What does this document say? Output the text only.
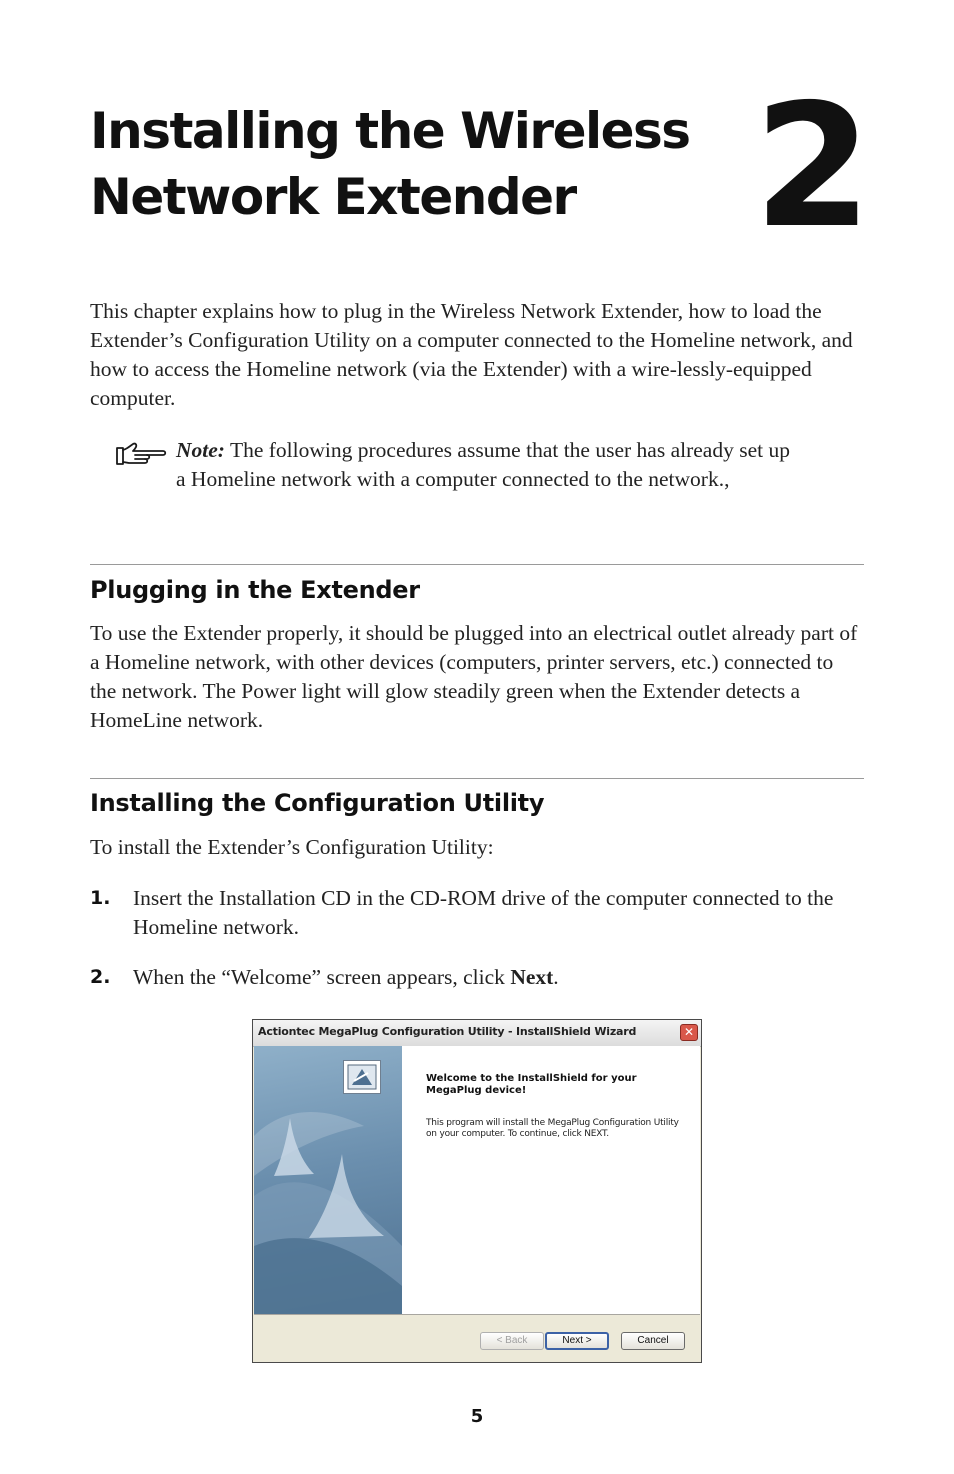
Installing the Wireless
Network Extender	2

This chapter explains how to plug in the Wireless Network Extender, how to load the Extender’s Configuration Utility on a computer connected to the Homeline network, and how to access the Homeline network (via the Extender) with a wire-lessly-equipped computer.

Note: The following procedures assume that the user has already set up a Homeline network with a computer connected to the network.,

Plugging in the Extender

To use the Extender properly, it should be plugged into an electrical outlet already part of a Homeline network, with other devices (computers, printer servers, etc.) connected to the network. The Power light will glow steadily green when the Extender detects a HomeLine network.

Installing the Configuration Utility

To install the Extender’s Configuration Utility:

1. Insert the Installation CD in the CD-ROM drive of the computer connected to the Homeline network.

2. When the “Welcome” screen appears, click Next.

Actiontec MegaPlug Configuration Utility - InstallShield Wizard	✕

Welcome to the InstallShield for your MegaPlug device!

This program will install the MegaPlug Configuration Utility on your computer. To continue, click NEXT.

< Back	Next >	Cancel

5
